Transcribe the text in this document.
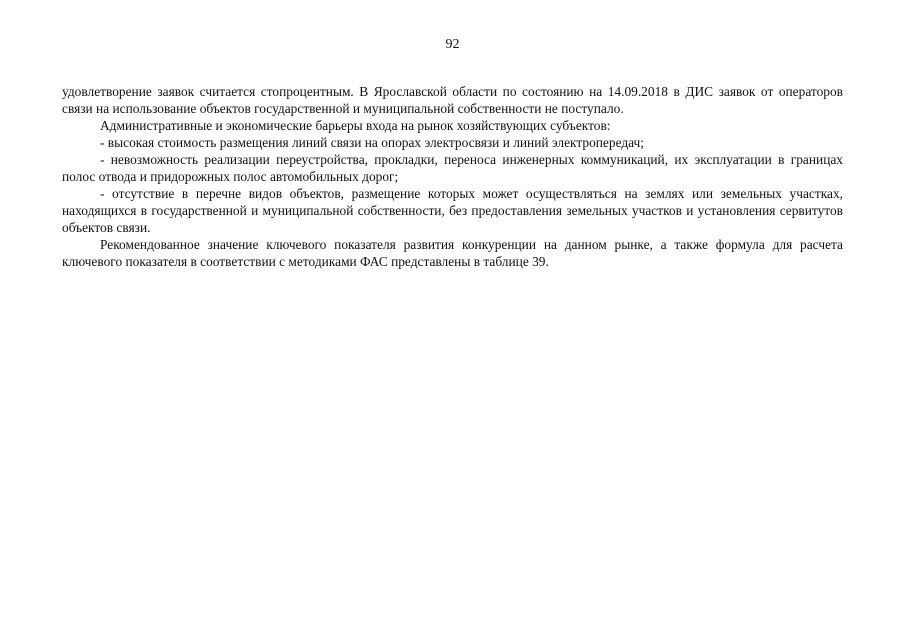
92

удовлетворение заявок считается стопроцентным. В Ярославской области по состоянию на 14.09.2018 в ДИС заявок от операторов связи на использование объектов государственной и муниципальной собственности не поступало.

Административные и экономические барьеры входа на рынок хозяйствующих субъектов:

- высокая стоимость размещения линий связи на опорах электросвязи и линий электропередач;

- невозможность реализации переустройства, прокладки, переноса инженерных коммуникаций, их эксплуатации в границах полос отвода и придорожных полос автомобильных дорог;

- отсутствие в перечне видов объектов, размещение которых может осуществляться на землях или земельных участках, находящихся в государственной и муниципальной собственности, без предоставления земельных участков и установления сервитутов объектов связи.

Рекомендованное значение ключевого показателя развития конкуренции на данном рынке, а также формула для расчета ключевого показателя в соответствии с методиками ФАС представлены в таблице 39.
